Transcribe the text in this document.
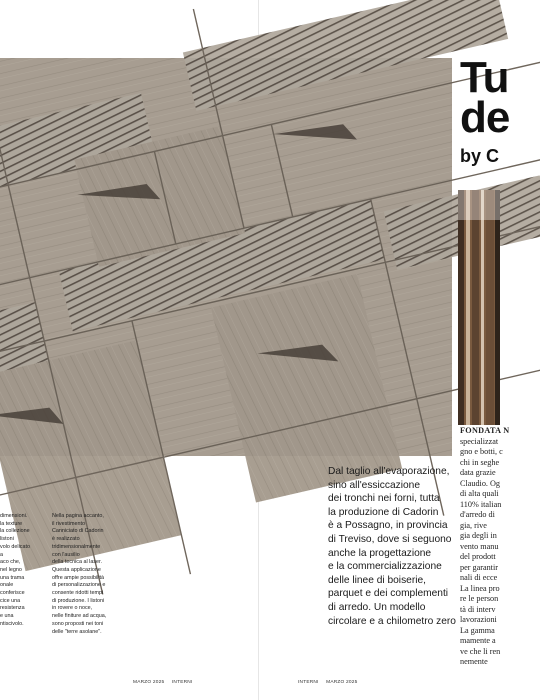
Tu
de
by C
FONDATA N
specializzat
gno e botti, c
chi in seghe
data grazie
Claudio. Og
di alta quali
110% italian
d'arredo di
gia, rive
gia degli in
vento manu
del prodott
per garantir
nali di ecce
La linea pro
re le person
tà di interv
lavorazioni
La gamma
mamente a
ve che li ren
nemente
dimensioni.
la texture
la collezione
listoni
volo delicato
a
aco che,
nel legno
una trama
onale
conferisce
cice una
resistenza
e una
ntiscivolo.
Nella pagina accanto,
il rivestimento
Canniciato di Cadorin
è realizzato
tridimensionalmente
con l'ausilio
della tecnica al laser.
Questa applicazione
offre ampie possibilità
di personalizzazione e
consente ridotti tempi
di produzione. I listoni
in rovere o noce,
nelle finiture ad acqua,
sono proposti nei toni
delle "terre asolane".
Dal taglio all'evaporazione,
sino all'essiccazione
dei tronchi nei forni, tutta
la produzione di Cadorin
è a Possagno, in provincia
di Treviso, dove si seguono
anche la progettazione
e la commercializzazione
delle linee di boiserie,
parquet e dei complementi
di arredo. Un modello
circolare e a chilometro zero
MARZO 2025 INTERNI	INTERNI MARZO 2025
